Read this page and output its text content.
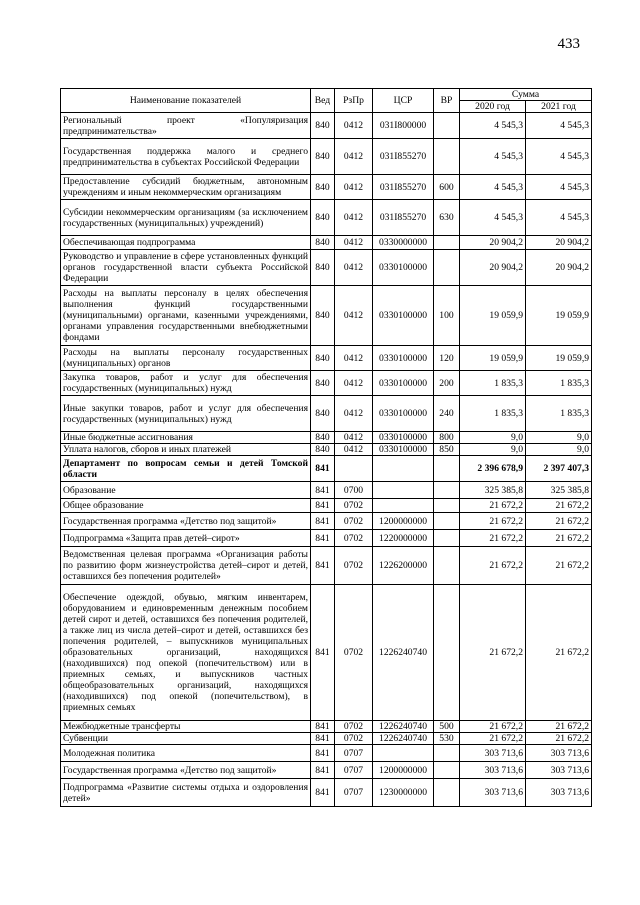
433
Наименование показателей	Вед	РзПр	ЦСР	ВР	Сумма	
					2020 год	2021 год
Региональный проект «Популяризация предпринимательства»	840	0412	031I800000		4 545,3	4 545,3
Государственная поддержка малого и среднего предпринимательства в субъектах Российской Федерации	840	0412	031I855270		4 545,3	4 545,3
Предоставление субсидий бюджетным, автономным учреждениям и иным некоммерческим организациям	840	0412	031I855270	600	4 545,3	4 545,3
Субсидии некоммерческим организациям (за исключением государственных (муниципальных) учреждений)	840	0412	031I855270	630	4 545,3	4 545,3
Обеспечивающая подпрограмма	840	0412	0330000000		20 904,2	20 904,2
Руководство и управление в сфере установленных функций органов государственной власти субъекта Российской Федерации	840	0412	0330100000		20 904,2	20 904,2
Расходы на выплаты персоналу в целях обеспечения выполнения функций государственными (муниципальными) органами, казенными учреждениями, органами управления государственными внебюджетными фондами	840	0412	0330100000	100	19 059,9	19 059,9
Расходы на выплаты персоналу государственных (муниципальных) органов	840	0412	0330100000	120	19 059,9	19 059,9
Закупка товаров, работ и услуг для обеспечения государственных (муниципальных) нужд	840	0412	0330100000	200	1 835,3	1 835,3
Иные закупки товаров, работ и услуг для обеспечения государственных (муниципальных) нужд	840	0412	0330100000	240	1 835,3	1 835,3
Иные бюджетные ассигнования	840	0412	0330100000	800	9,0	9,0
Уплата налогов, сборов и иных платежей	840	0412	0330100000	850	9,0	9,0
Департамент по вопросам семьи и детей Томской области	841				2 396 678,9	2 397 407,3
Образование	841	0700			325 385,8	325 385,8
Общее образование	841	0702			21 672,2	21 672,2
Государственная программа «Детство под защитой»	841	0702	1200000000		21 672,2	21 672,2
Подпрограмма «Защита прав детей–сирот»	841	0702	1220000000		21 672,2	21 672,2
Ведомственная целевая программа «Организация работы по развитию форм жизнеустройства детей–сирот и детей, оставшихся без попечения родителей»	841	0702	1226200000		21 672,2	21 672,2
Обеспечение одеждой, обувью, мягким инвентарем, оборудованием и единовременным денежным пособием детей сирот и детей, оставшихся без попечения родителей, а также лиц из числа детей–сирот и детей, оставшихся без попечения родителей, – выпускников муниципальных образовательных организаций, находящихся (находившихся) под опекой (попечительством) или в приемных семьях, и выпускников частных общеобразовательных организаций, находящихся (находившихся) под опекой (попечительством), в приемных семьях	841	0702	1226240740		21 672,2	21 672,2
Межбюджетные трансферты	841	0702	1226240740	500	21 672,2	21 672,2
Субвенции	841	0702	1226240740	530	21 672,2	21 672,2
Молодежная политика	841	0707			303 713,6	303 713,6
Государственная программа «Детство под защитой»	841	0707	1200000000		303 713,6	303 713,6
Подпрограмма «Развитие системы отдыха и оздоровления детей»	841	0707	1230000000		303 713,6	303 713,6
